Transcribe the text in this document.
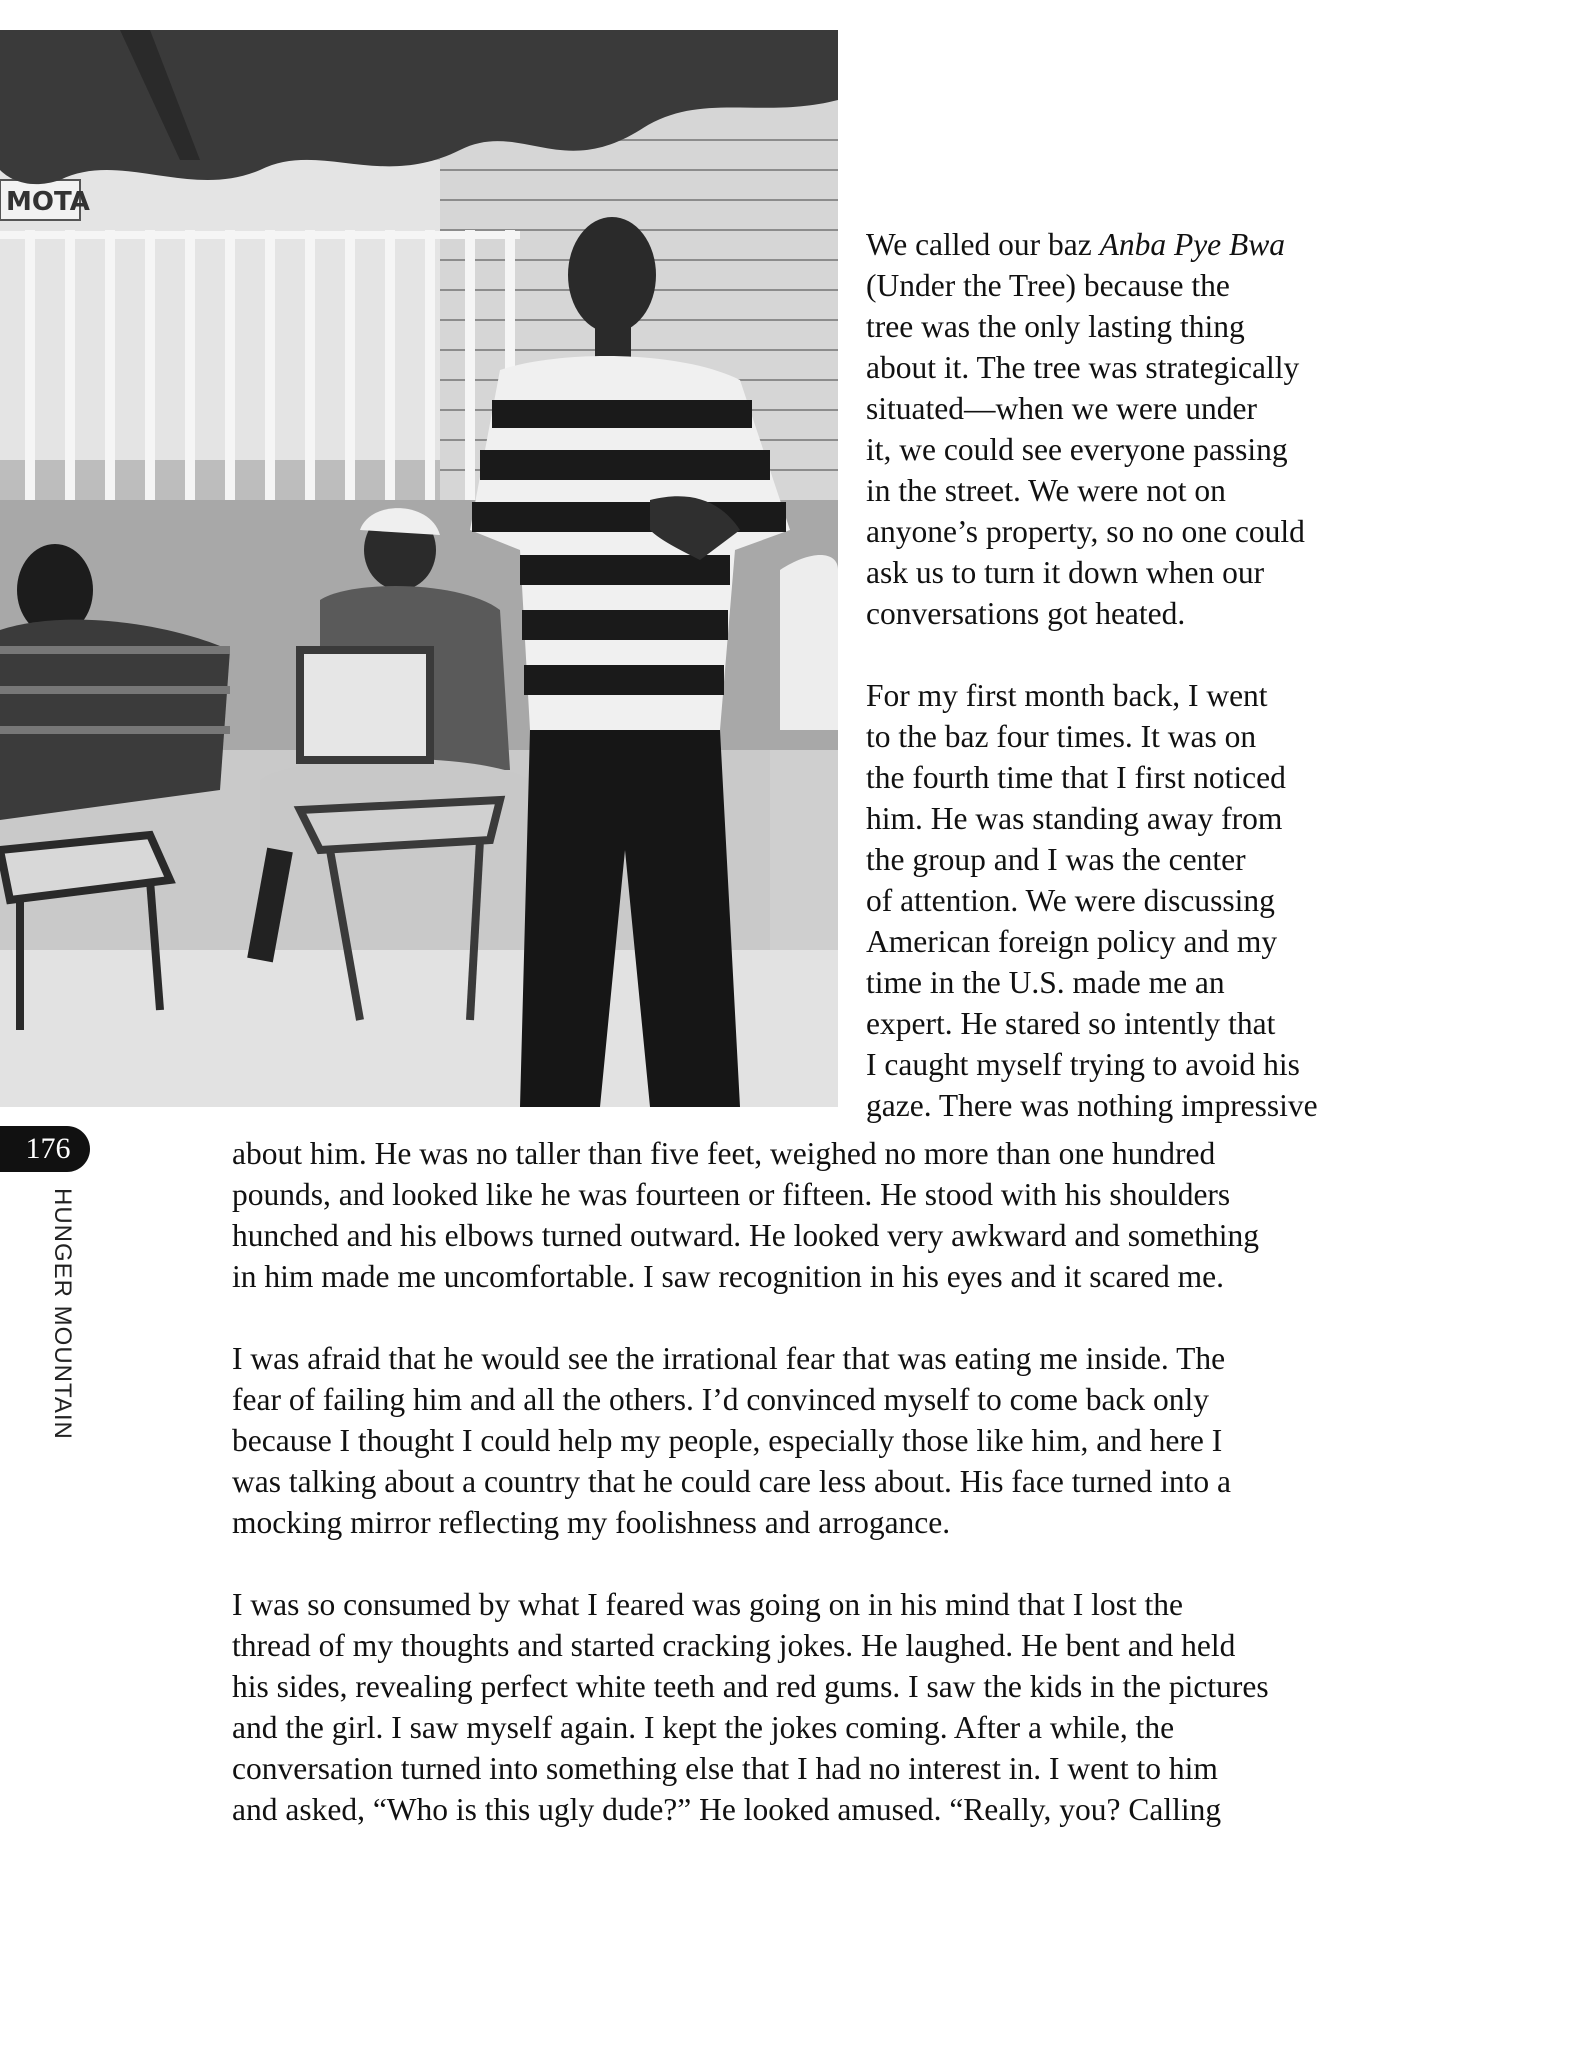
MOTA
We called our baz Anba Pye Bwa
(Under the Tree) because the
tree was the only lasting thing
about it. The tree was strategically
situated—when we were under
it, we could see everyone passing
in the street. We were not on
anyone’s property, so no one could
ask us to turn it down when our
conversations got heated.
For my first month back, I went
to the baz four times. It was on
the fourth time that I first noticed
him. He was standing away from
the group and I was the center
of attention. We were discussing
American foreign policy and my
time in the U.S. made me an
expert. He stared so intently that
I caught myself trying to avoid his
gaze. There was nothing impressive
about him. He was no taller than five feet, weighed no more than one hundred
pounds, and looked like he was fourteen or fifteen. He stood with his shoulders
hunched and his elbows turned outward. He looked very awkward and something
in him made me uncomfortable. I saw recognition in his eyes and it scared me.
I was afraid that he would see the irrational fear that was eating me inside. The
fear of failing him and all the others. I’d convinced myself to come back only
because I thought I could help my people, especially those like him, and here I
was talking about a country that he could care less about. His face turned into a
mocking mirror reflecting my foolishness and arrogance.
I was so consumed by what I feared was going on in his mind that I lost the
thread of my thoughts and started cracking jokes. He laughed. He bent and held
his sides, revealing perfect white teeth and red gums. I saw the kids in the pictures
and the girl. I saw myself again. I kept the jokes coming. After a while, the
conversation turned into something else that I had no interest in. I went to him
and asked, “Who is this ugly dude?” He looked amused. “Really, you? Calling
176
HUNGER MOUNTAIN
